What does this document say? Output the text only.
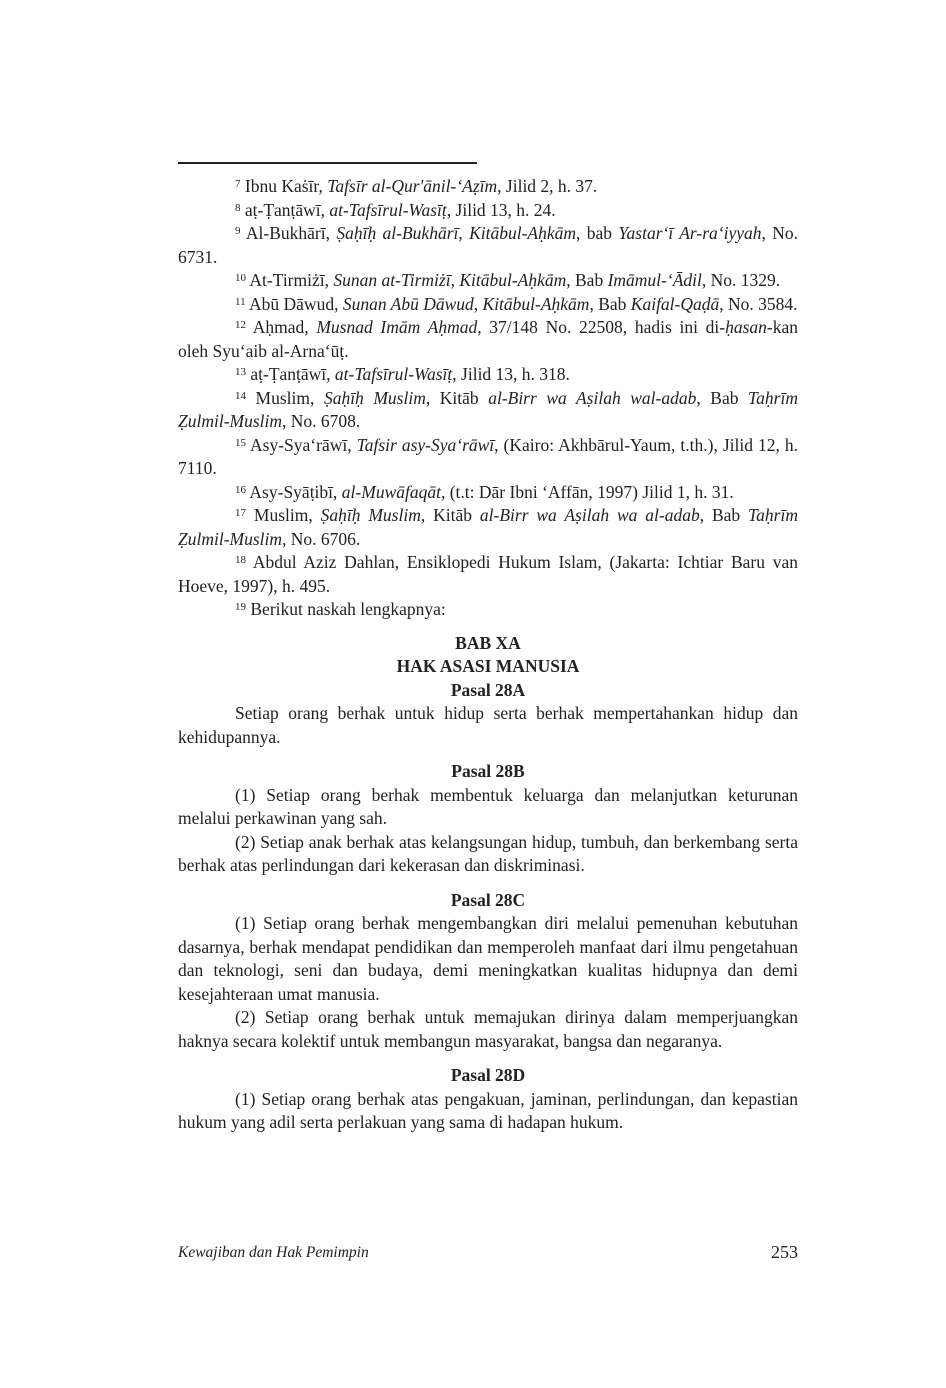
$^7$ Ibnu Kaṡīr, Tafsīr al-Qur'ānil-‘Aẓīm, Jilid 2, h. 37.

$^8$ aṭ-Ṭanṭāwī, at-Tafsīrul-Wasīṭ, Jilid 13, h. 24.

$^9$ Al-Bukhārī, Ṣaḥīḥ al-Bukhārī, Kitābul-Aḥkām, bab Yastar‘ī Ar-ra‘iyyah, No. 6731.

$^{10}$ At-Tirmiżī, Sunan at-Tirmiżī, Kitābul-Aḥkām, Bab Imāmul-‘Ādil, No. 1329.

$^{11}$ Abū Dāwud, Sunan Abū Dāwud, Kitābul-Aḥkām, Bab Kaifal-Qaḍā, No. 3584.

$^{12}$ Aḥmad, Musnad Imām Aḥmad, 37/148 No. 22508, hadis ini di-ḥasan-kan oleh Syu‘aib al-Arna‘ūṭ.

$^{13}$ aṭ-Ṭanṭāwī, at-Tafsīrul-Wasīṭ, Jilid 13, h. 318.

$^{14}$ Muslim, Ṣaḥīḥ Muslim, Kitāb al-Birr wa Aṣilah wal-adab, Bab Taḥrīm Ẓulmil-Muslim, No. 6708.

$^{15}$ Asy-Sya‘rāwī, Tafsir asy-Sya‘rāwī, (Kairo: Akhbārul-Yaum, t.th.), Jilid 12, h. 7110.

$^{16}$ Asy-Syāṭibī, al-Muwāfaqāt, (t.t: Dār Ibni ‘Affān, 1997) Jilid 1, h. 31.

$^{17}$ Muslim, Ṣaḥīḥ Muslim, Kitāb al-Birr wa Aṣilah wa al-adab, Bab Taḥrīm Ẓulmil-Muslim, No. 6706.

$^{18}$ Abdul Aziz Dahlan, Ensiklopedi Hukum Islam, (Jakarta: Ichtiar Baru van Hoeve, 1997), h. 495.

$^{19}$ Berikut naskah lengkapnya:

BAB XA

HAK ASASI MANUSIA

Pasal 28A

Setiap orang berhak untuk hidup serta berhak mempertahankan hidup dan kehidupannya.

Pasal 28B

(1) Setiap orang berhak membentuk keluarga dan melanjutkan keturunan melalui perkawinan yang sah.

(2) Setiap anak berhak atas kelangsungan hidup, tumbuh, dan berkembang serta berhak atas perlindungan dari kekerasan dan diskriminasi.

Pasal 28C

(1) Setiap orang berhak mengembangkan diri melalui pemenuhan kebutuhan dasarnya, berhak mendapat pendidikan dan memperoleh manfaat dari ilmu pengetahuan dan teknologi, seni dan budaya, demi meningkatkan kualitas hidupnya dan demi kesejahteraan umat manusia.

(2) Setiap orang berhak untuk memajukan dirinya dalam memperjuangkan haknya secara kolektif untuk membangun masyarakat, bangsa dan negaranya.

Pasal 28D

(1) Setiap orang berhak atas pengakuan, jaminan, perlindungan, dan kepastian hukum yang adil serta perlakuan yang sama di hadapan hukum.

Kewajiban dan Hak Pemimpin	253
